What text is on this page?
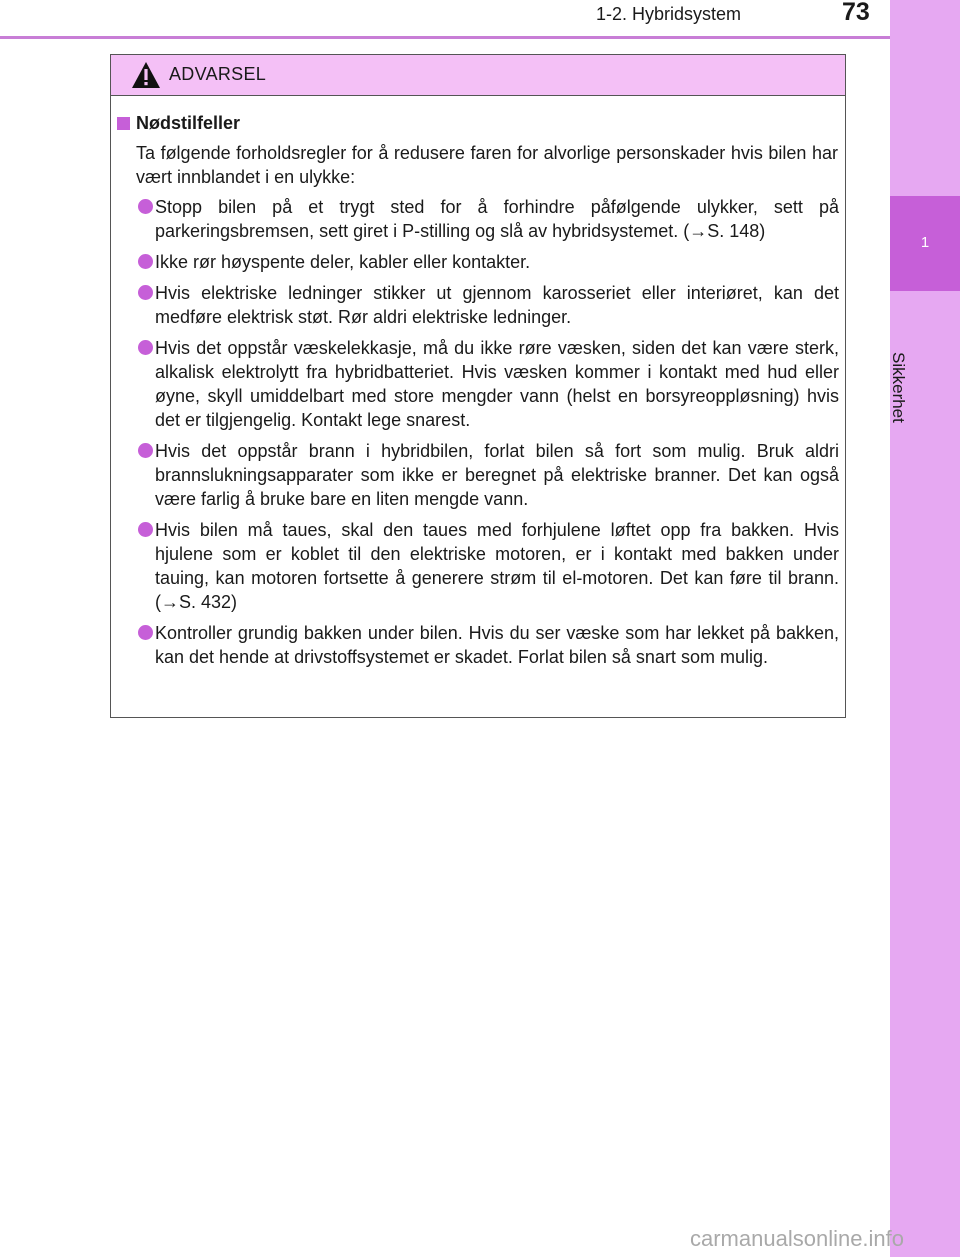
1-2. Hybridsystem	73
1
Sikkerhet
ADVARSEL
Nødstilfeller
Ta følgende forholdsregler for å redusere faren for alvorlige personskader hvis bilen har vært innblandet i en ulykke:
Stopp bilen på et trygt sted for å forhindre påfølgende ulykker, sett på parkeringsbremsen, sett giret i P-stilling og slå av hybridsystemet. (→S. 148)
Ikke rør høyspente deler, kabler eller kontakter.
Hvis elektriske ledninger stikker ut gjennom karosseriet eller interiøret, kan det medføre elektrisk støt. Rør aldri elektriske ledninger.
Hvis det oppstår væskelekkasje, må du ikke røre væsken, siden det kan være sterk, alkalisk elektrolytt fra hybridbatteriet. Hvis væsken kommer i kontakt med hud eller øyne, skyll umiddelbart med store mengder vann (helst en borsyreoppløsning) hvis det er tilgjengelig. Kontakt lege snarest.
Hvis det oppstår brann i hybridbilen, forlat bilen så fort som mulig. Bruk aldri brannslukningsapparater som ikke er beregnet på elektriske branner. Det kan også være farlig å bruke bare en liten mengde vann.
Hvis bilen må taues, skal den taues med forhjulene løftet opp fra bakken. Hvis hjulene som er koblet til den elektriske motoren, er i kontakt med bakken under tauing, kan motoren fortsette å generere strøm til el-motoren. Det kan føre til brann. (→S. 432)
Kontroller grundig bakken under bilen. Hvis du ser væske som har lekket på bakken, kan det hende at drivstoffsystemet er skadet. Forlat bilen så snart som mulig.
carmanualsonline.info
